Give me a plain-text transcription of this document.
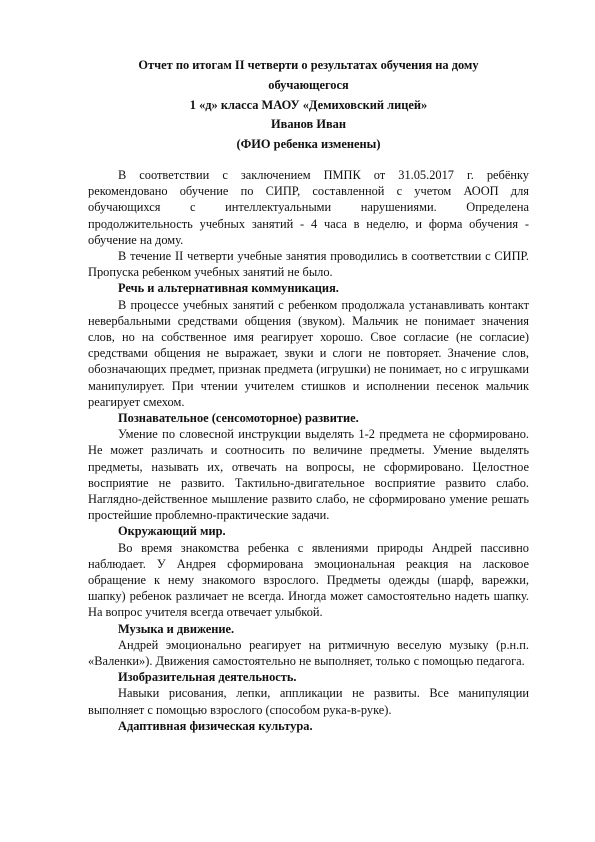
Отчет по итогам II четверти о результатах обучения на дому
обучающегося
1 «д» класса МАОУ «Демиховский лицей»
Иванов Иван
(ФИО ребенка изменены)

В соответствии с заключением ПМПК от 31.05.2017 г. ребёнку рекомендовано обучение по СИПР, составленной с учетом АООП для обучающихся с интеллектуальными нарушениями. Определена продолжительность учебных занятий - 4 часа в неделю, и форма обучения - обучение на дому.

В течение II четверти учебные занятия проводились в соответствии с СИПР. Пропуска ребенком учебных занятий не было.

Речь и альтернативная коммуникация.

В процессе учебных занятий с ребенком продолжала устанавливать контакт невербальными средствами общения (звуком). Мальчик не понимает значения слов, но на собственное имя реагирует хорошо. Свое согласие (не согласие) средствами общения не выражает, звуки и слоги не повторяет. Значение слов, обозначающих предмет, признак предмета (игрушки) не понимает, но с игрушками манипулирует. При чтении учителем стишков и исполнении песенок мальчик реагирует смехом.

Познавательное (сенсомоторное) развитие.

Умение по словесной инструкции выделять 1-2 предмета не сформировано. Не может различать и соотносить по величине предметы. Умение выделять предметы, называть их, отвечать на вопросы, не сформировано. Целостное восприятие не развито. Тактильно-двигательное восприятие развито слабо. Наглядно-действенное мышление развито слабо, не сформировано умение решать простейшие проблемно-практические задачи.

Окружающий мир.

Во время знакомства ребенка с явлениями природы Андрей пассивно наблюдает. У Андрея сформирована эмоциональная реакция на ласковое обращение к нему знакомого взрослого. Предметы одежды (шарф, варежки, шапку) ребенок различает не всегда. Иногда может самостоятельно надеть шапку. На вопрос учителя всегда отвечает улыбкой.

Музыка и движение.

Андрей эмоционально реагирует на ритмичную веселую музыку (р.н.п. «Валенки»). Движения самостоятельно не выполняет, только с помощью педагога.

Изобразительная деятельность.

Навыки рисования, лепки, аппликации не развиты. Все манипуляции выполняет с помощью взрослого (способом рука-в-руке).

Адаптивная физическая культура.
